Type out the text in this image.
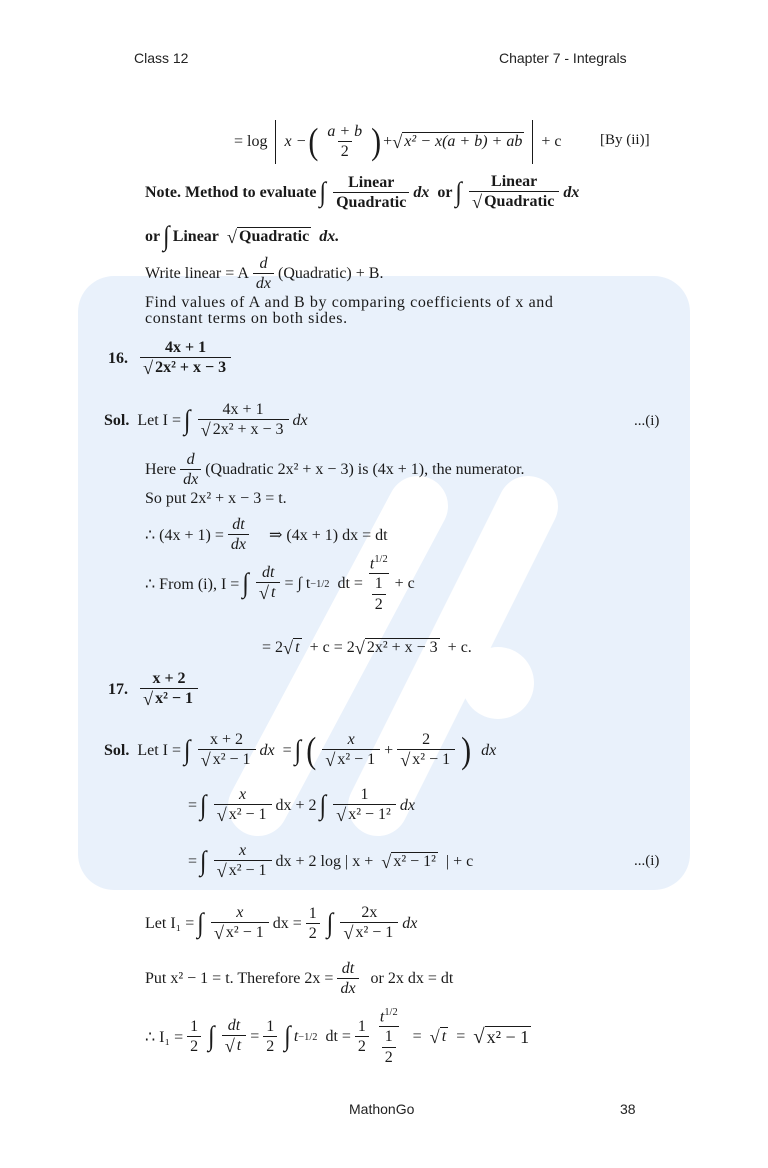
Class 12	Chapter 7 - Integrals
= log x − ( a + b
2 ) + √ x² − x(a + b) + ab + c	[By (ii)]
Note. Method to evaluate ∫ Linear
Quadratic
dx or ∫ Linear
√ Quadratic
dx
or ∫ Linear √ Quadratic dx.
Write linear = A
d
dx
(Quadratic) + B.
Find values of A and B by comparing coefficients of x and
constant terms on both sides.
16.
4x + 1
√ 2x² + x − 3
Sol. Let I = ∫ 4x + 1
√ 2x² + x − 3
dx	...(i)
Here
d
dx
(Quadratic 2x² + x − 3) is (4x + 1), the numerator.
So put 2x² + x − 3 = t.
∴ $(4x + 1) = \frac{dt}{dx}$ ⇒ (4x + 1) dx = dt
∴ From (i), I = ∫ $\frac{dt}{√ t}$ = ∫ t −1/2 dt = $\frac{t^{1/2}}{\frac{1}{2}} + c$
= 2 √ t + c = 2 √ 2x² + x − 3 + c.
17.
x + 2
√ x² − 1
Sol. Let I = ∫ x + 2
√ x² − 1
dx = ∫ ( x
√ x² − 1
+ $\frac{2}{\text{√ x² − 1}}$ ) dx
= ∫ x
√ x² − 1
dx + 2 ∫ 1
√ x² − 1²
dx
= ∫ x
√ x² − 1
dx + 2 log | x + √ x² − 1² | + c	...(i)
Let I₁ = ∫ x
√ x² − 1
dx = $\frac{1}{2}$ ∫ 2x
√ x² − 1
dx
Put x² − 1 = t. Therefore $2x = \frac{dt}{dx}$ or 2x dx = dt
∴ $I_1 = \frac{1}{2}$ ∫ $\frac{dt}{√ t} = \frac{1}{2}$ ∫ t −1/2 dt = $\frac{1}{2}$
$t^{1/2}$
$\frac{1}{2}$ = √ t = √ x² − 1
MathonGo	38
